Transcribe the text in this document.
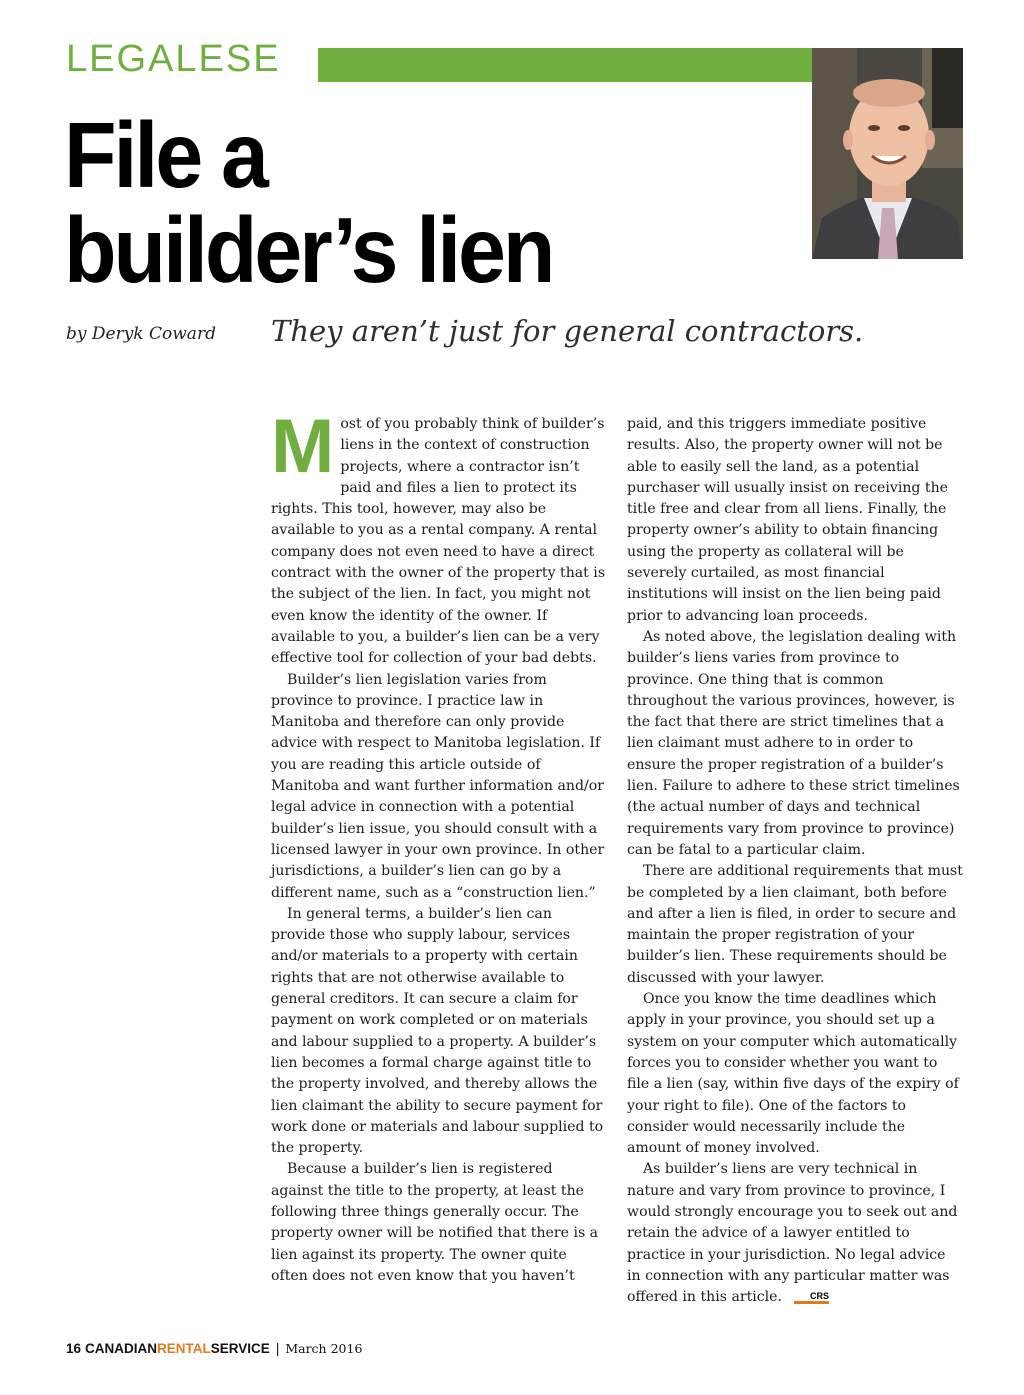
LEGALESE
File a
builder’s lien
by Deryk Coward They aren’t just for general contractors.

Most of you probably think of builder’s liens in the context of construction projects, where a contractor isn’t paid and files a lien to protect its rights. This tool, however, may also be available to you as a rental company. A rental company does not even need to have a direct contract with the owner of the property that is the subject of the lien. In fact, you might not even know the identity of the owner. If available to you, a builder’s lien can be a very effective tool for collection of your bad debts.

Builder’s lien legislation varies from province to province. I practice law in Manitoba and therefore can only provide advice with respect to Manitoba legislation. If you are reading this article outside of Manitoba and want further information and/or legal advice in connection with a potential builder’s lien issue, you should consult with a licensed lawyer in your own province. In other jurisdictions, a builder’s lien can go by a different name, such as a “construction lien.”

In general terms, a builder’s lien can provide those who supply labour, services and/or materials to a property with certain rights that are not otherwise available to general creditors. It can secure a claim for payment on work completed or on materials and labour supplied to a property. A builder’s lien becomes a formal charge against title to the property involved, and thereby allows the lien claimant the ability to secure payment for work done or materials and labour supplied to the property.

Because a builder’s lien is registered against the title to the property, at least the following three things generally occur. The property owner will be notified that there is a lien against its property. The owner quite often does not even know that you haven’t

paid, and this triggers immediate positive results. Also, the property owner will not be able to easily sell the land, as a potential purchaser will usually insist on receiving the title free and clear from all liens. Finally, the property owner’s ability to obtain financing using the property as collateral will be severely curtailed, as most financial institutions will insist on the lien being paid prior to advancing loan proceeds.

As noted above, the legislation dealing with builder’s liens varies from province to province. One thing that is common throughout the various provinces, however, is the fact that there are strict timelines that a lien claimant must adhere to in order to ensure the proper registration of a builder’s lien. Failure to adhere to these strict timelines (the actual number of days and technical requirements vary from province to province) can be fatal to a particular claim.

There are additional requirements that must be completed by a lien claimant, both before and after a lien is filed, in order to secure and maintain the proper registration of your builder’s lien. These requirements should be discussed with your lawyer.

Once you know the time deadlines which apply in your province, you should set up a system on your computer which automatically forces you to consider whether you want to file a lien (say, within five days of the expiry of your right to file). One of the factors to consider would necessarily include the amount of money involved.

As builder’s liens are very technical in nature and vary from province to province, I would strongly encourage you to seek out and retain the advice of a lawyer entitled to practice in your jurisdiction. No legal advice in connection with any particular matter was offered in this article.	CRS

16 CANADIANRENTALSERVICE | March 2016
